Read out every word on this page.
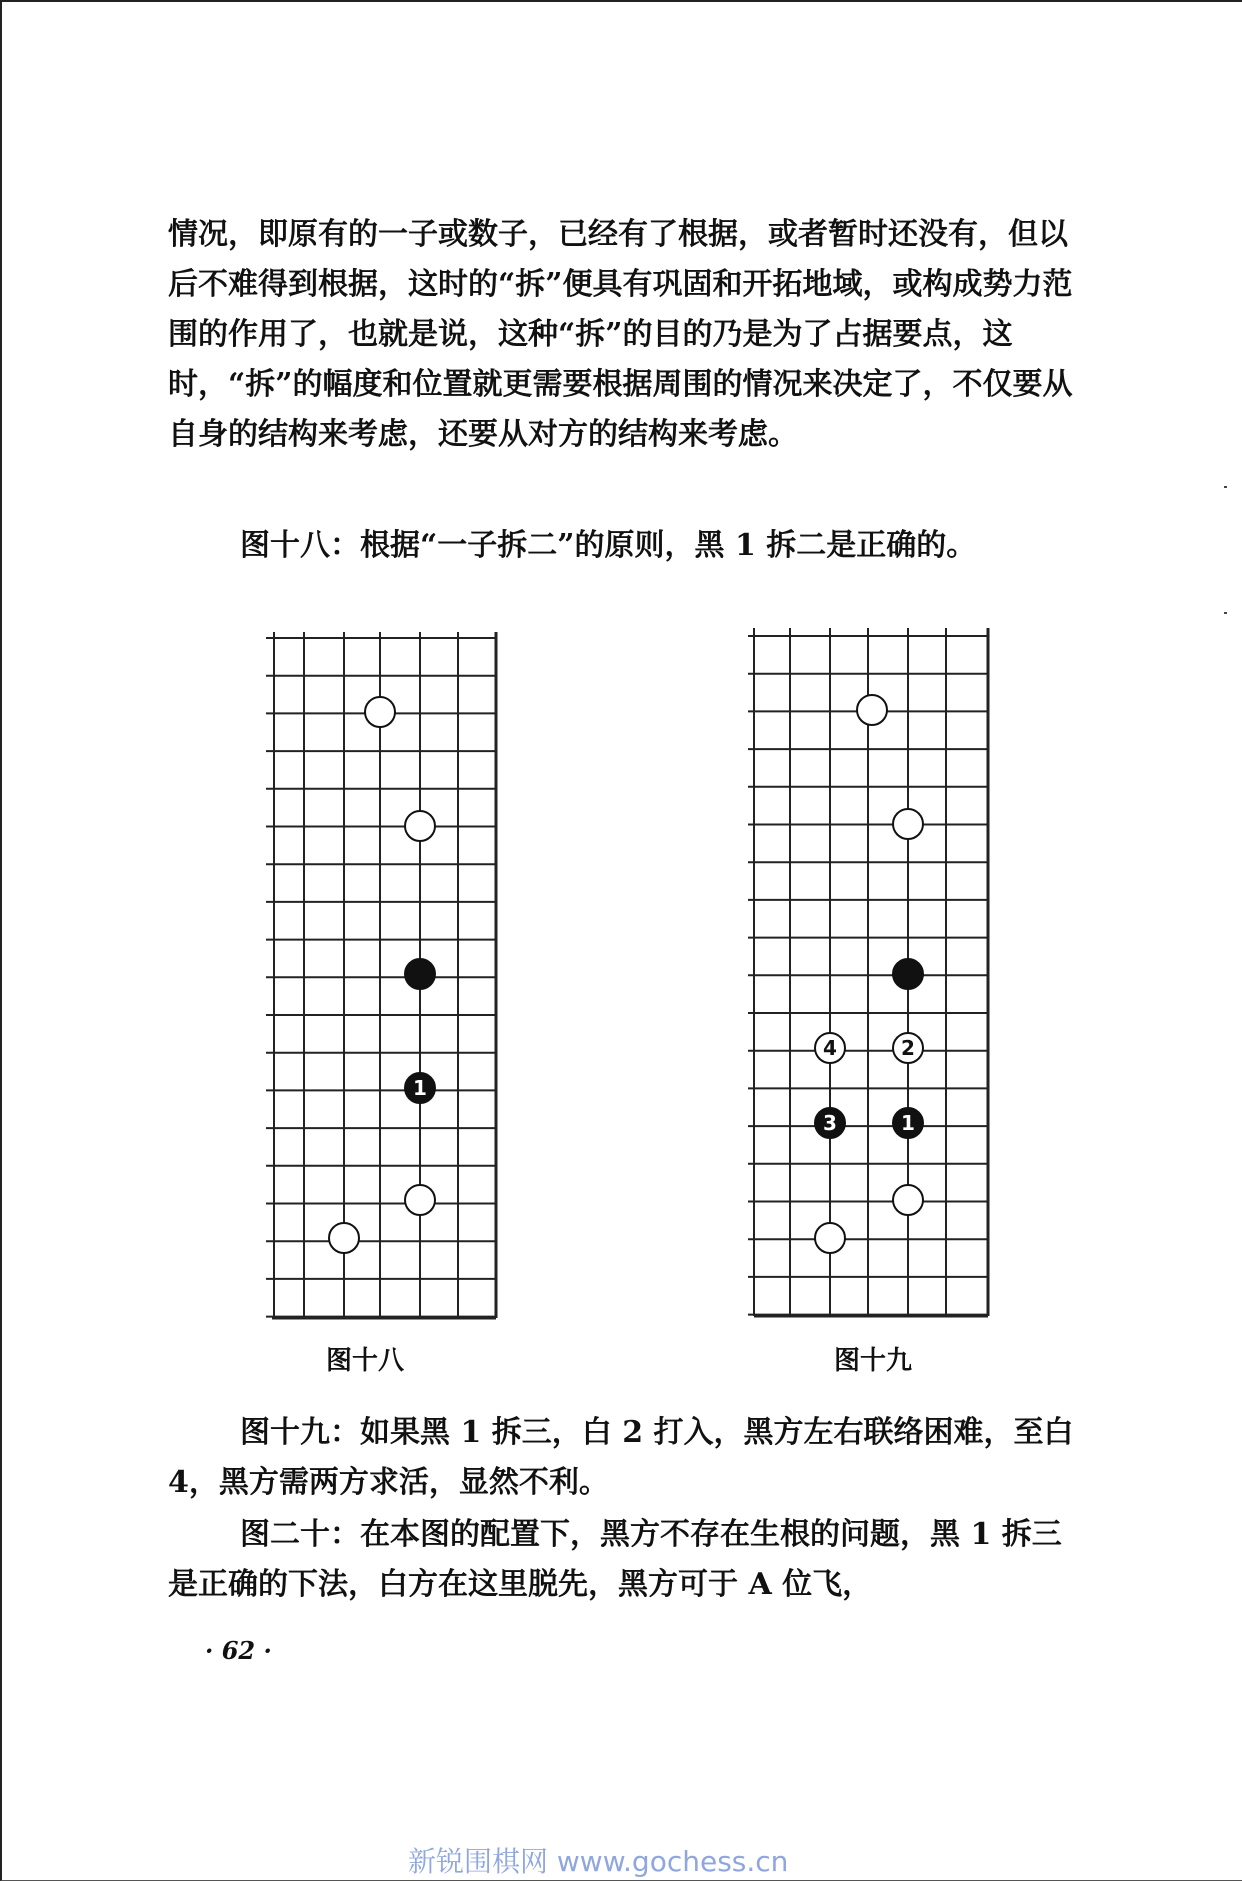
情况，即原有的一子或数子，已经有了根据，或者暂时还没有，但以后不难得到根据，这时的“拆”便具有巩固和开拓地域，或构成势力范围的作用了，也就是说，这种“拆”的目的乃是为了占据要点，这时，“拆”的幅度和位置就更需要根据周围的情况来决定了，不仅要从自身的结构来考虑，还要从对方的结构来考虑。

图十八：根据“一子拆二”的原则，黑 1 拆二是正确的。

1
4	2
3	1
图十八	图十九

图十九：如果黑 1 拆三，白 2 打入，黑方左右联络困难，至白 4，黑方需两方求活，显然不利。

图二十：在本图的配置下，黑方不存在生根的问题，黑 1 拆三是正确的下法，白方在这里脱先，黑方可于 A 位飞，

· 62 ·
新锐围棋网 www.gochess.cn
